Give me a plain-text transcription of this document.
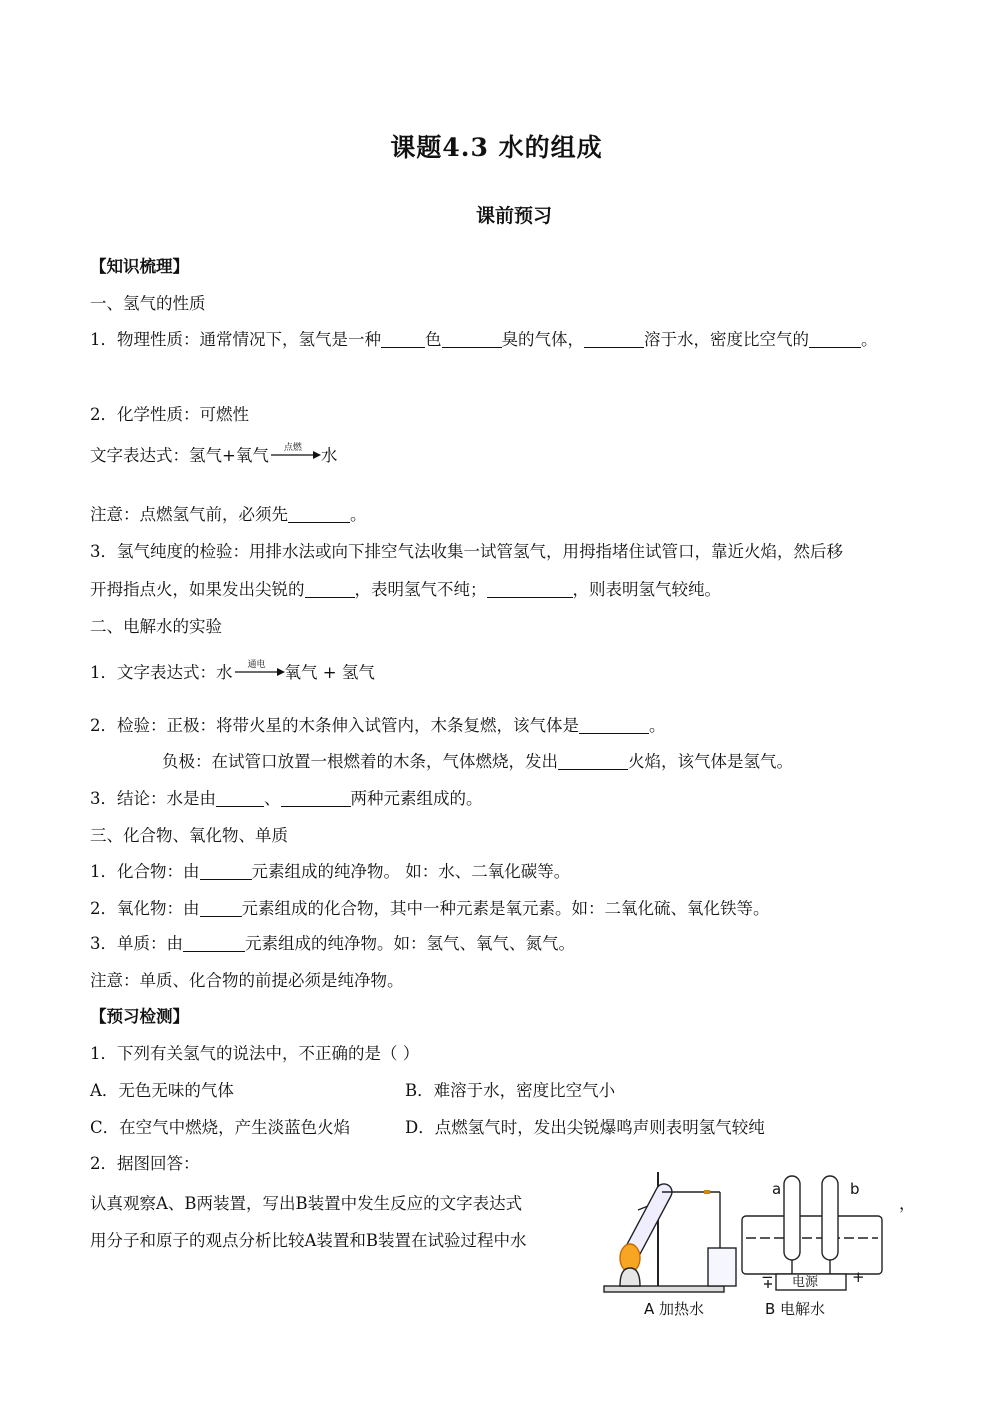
课题4.3 水的组成
课前预习
【知识梳理】
一、氢气的性质
1．物理性质：通常情况下，氢气是一种	色	臭的气体，	溶于水，密度比空气的	。
2．化学性质：可燃性
文字表达式：氢气+氧气	点燃	水
注意：点燃氢气前，必须先	。
3．氢气纯度的检验：用排水法或向下排空气法收集一试管氢气，用拇指堵住试管口，靠近火焰，然后移
开拇指点火，如果发出尖锐的	，表明氢气不纯；	，则表明氢气较纯。
二、电解水的实验
1．文字表达式：水	通电	氧气 + 氢气
2．检验：正极：将带火星的木条伸入试管内，木条复燃，该气体是	。
负极：在试管口放置一根燃着的木条，气体燃烧，发出	火焰，该气体是氢气。
3．结论：水是由	、	两种元素组成的。
三、化合物、氧化物、单质
1．化合物：由	元素组成的纯净物。 如：水、二氧化碳等。
2．氧化物：由	元素组成的化合物，其中一种元素是氧元素。如：二氧化硫、氧化铁等。
3．单质：由	元素组成的纯净物。如：氢气、氧气、氮气。
注意：单质、化合物的前提必须是纯净物。
【预习检测】
1．下列有关氢气的说法中，不正确的是（ ）
A．无色无味的气体	B．难溶于水，密度比空气小
C．在空气中燃烧，产生淡蓝色火焰	D．点燃氢气时，发出尖锐爆鸣声则表明氢气较纯
2．据图回答：
认真观察A、B两装置，写出B装置中发生反应的文字表达式	，
用分子和原子的观点分析比较A装置和B装置在试验过程中水
a	b
电源
−	+
A 加热水	B 电解水
